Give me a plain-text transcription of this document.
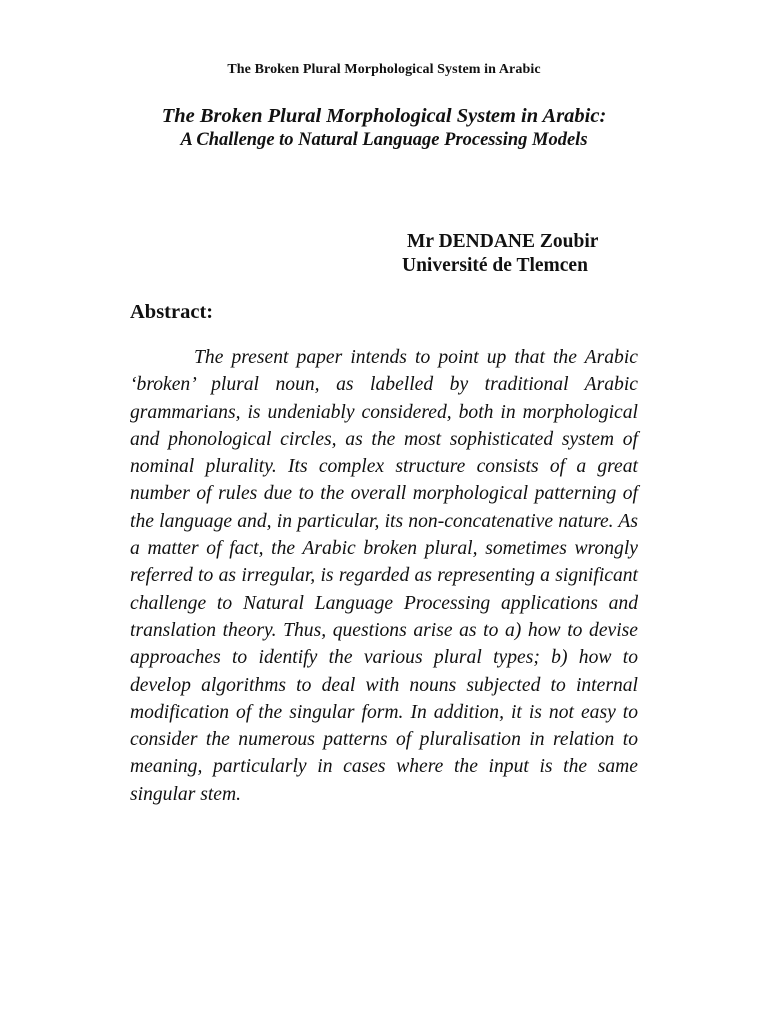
The Broken Plural Morphological System in Arabic
The Broken Plural Morphological System in Arabic:
A Challenge to Natural Language Processing Models
Mr DENDANE Zoubir
Université de Tlemcen
Abstract:

The present paper intends to point up that the Arabic ‘broken’ plural noun, as labelled by traditional Arabic grammarians, is undeniably considered, both in morphological and phonological circles, as the most sophisticated system of nominal plurality. Its complex structure consists of a great number of rules due to the overall morphological patterning of the language and, in particular, its non-concatenative nature. As a matter of fact, the Arabic broken plural, sometimes wrongly referred to as irregular, is regarded as representing a significant challenge to Natural Language Processing applications and translation theory. Thus, questions arise as to a) how to devise approaches to identify the various plural types; b) how to develop algorithms to deal with nouns subjected to internal modification of the singular form. In addition, it is not easy to consider the numerous patterns of pluralisation in relation to meaning, particularly in cases where the input is the same singular stem.
